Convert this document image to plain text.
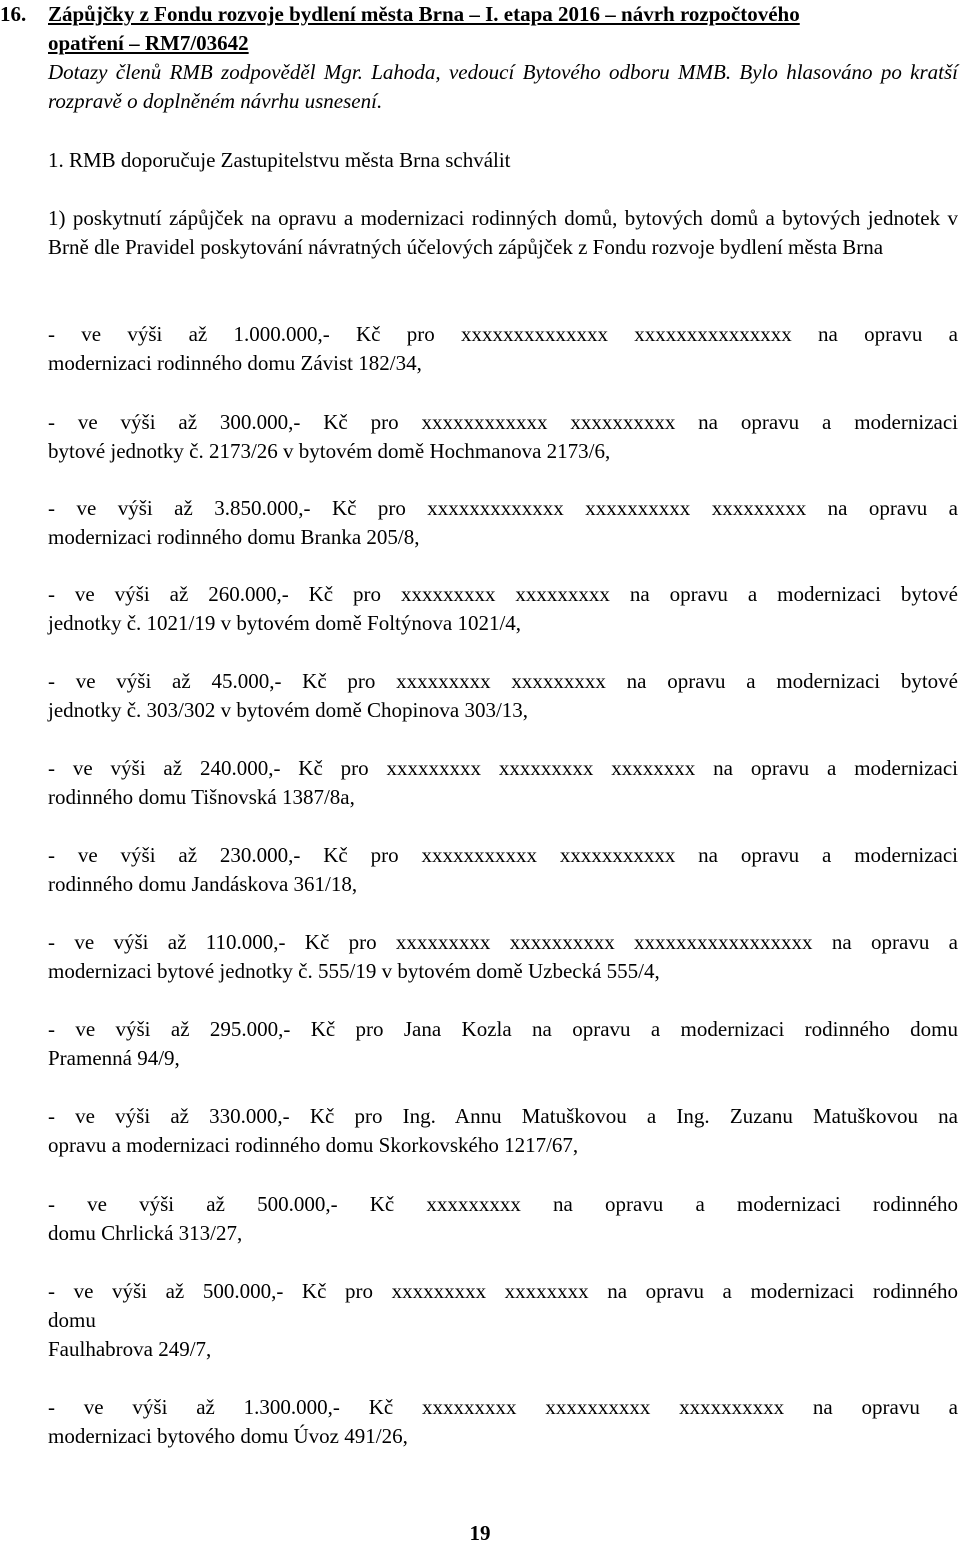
16. Zápůjčky z Fondu rozvoje bydlení města Brna – I. etapa 2016 – návrh rozpočtového
opatření – RM7/03642
Dotazy členů RMB zodpověděl Mgr. Lahoda, vedoucí Bytového odboru MMB. Bylo hlasováno po kratší rozpravě o doplněném návrhu usnesení.
1. RMB doporučuje Zastupitelstvu města Brna schválit
1) poskytnutí zápůjček na opravu a modernizaci rodinných domů, bytových domů a bytových jednotek v Brně dle Pravidel poskytování návratných účelových zápůjček z Fondu rozvoje bydlení města Brna
- ve výši až 1.000.000,- Kč pro xxxxxxxxxxxxxx xxxxxxxxxxxxxxx na opravu a
modernizaci rodinného domu Závist 182/34,
- ve výši až 300.000,- Kč pro xxxxxxxxxxxx xxxxxxxxxx na opravu a modernizaci
bytové jednotky č. 2173/26 v bytovém domě Hochmanova 2173/6,
- ve výši až 3.850.000,- Kč pro xxxxxxxxxxxxx xxxxxxxxxx xxxxxxxxx na opravu a
modernizaci rodinného domu Branka 205/8,
- ve výši až 260.000,- Kč pro xxxxxxxxx xxxxxxxxx na opravu a modernizaci bytové
jednotky č. 1021/19 v bytovém domě Foltýnova 1021/4,
- ve výši až 45.000,- Kč pro xxxxxxxxx xxxxxxxxx na opravu a modernizaci bytové
jednotky č. 303/302 v bytovém domě Chopinova 303/13,
- ve výši až 240.000,- Kč pro xxxxxxxxx xxxxxxxxx xxxxxxxx na opravu a modernizaci
rodinného domu Tišnovská 1387/8a,
- ve výši až 230.000,- Kč pro xxxxxxxxxxx xxxxxxxxxxx na opravu a modernizaci
rodinného domu Jandáskova 361/18,
- ve výši až 110.000,- Kč pro xxxxxxxxx xxxxxxxxxx xxxxxxxxxxxxxxxxx na opravu a
modernizaci bytové jednotky č. 555/19 v bytovém domě Uzbecká 555/4,
- ve výši až 295.000,- Kč pro Jana Kozla na opravu a modernizaci rodinného domu
Pramenná 94/9,
- ve výši až 330.000,- Kč pro Ing. Annu Matuškovou a Ing. Zuzanu Matuškovou na
opravu a modernizaci rodinného domu Skorkovského 1217/67,
- ve výši až 500.000,- Kč xxxxxxxxx na opravu a modernizaci rodinného
domu Chrlická 313/27,
- ve výši až 500.000,- Kč pro xxxxxxxxx xxxxxxxx na opravu a modernizaci rodinného
domu
Faulhabrova 249/7,
- ve výši až 1.300.000,- Kč xxxxxxxxx xxxxxxxxxx xxxxxxxxxx na opravu a
modernizaci bytového domu Úvoz 491/26,
19
